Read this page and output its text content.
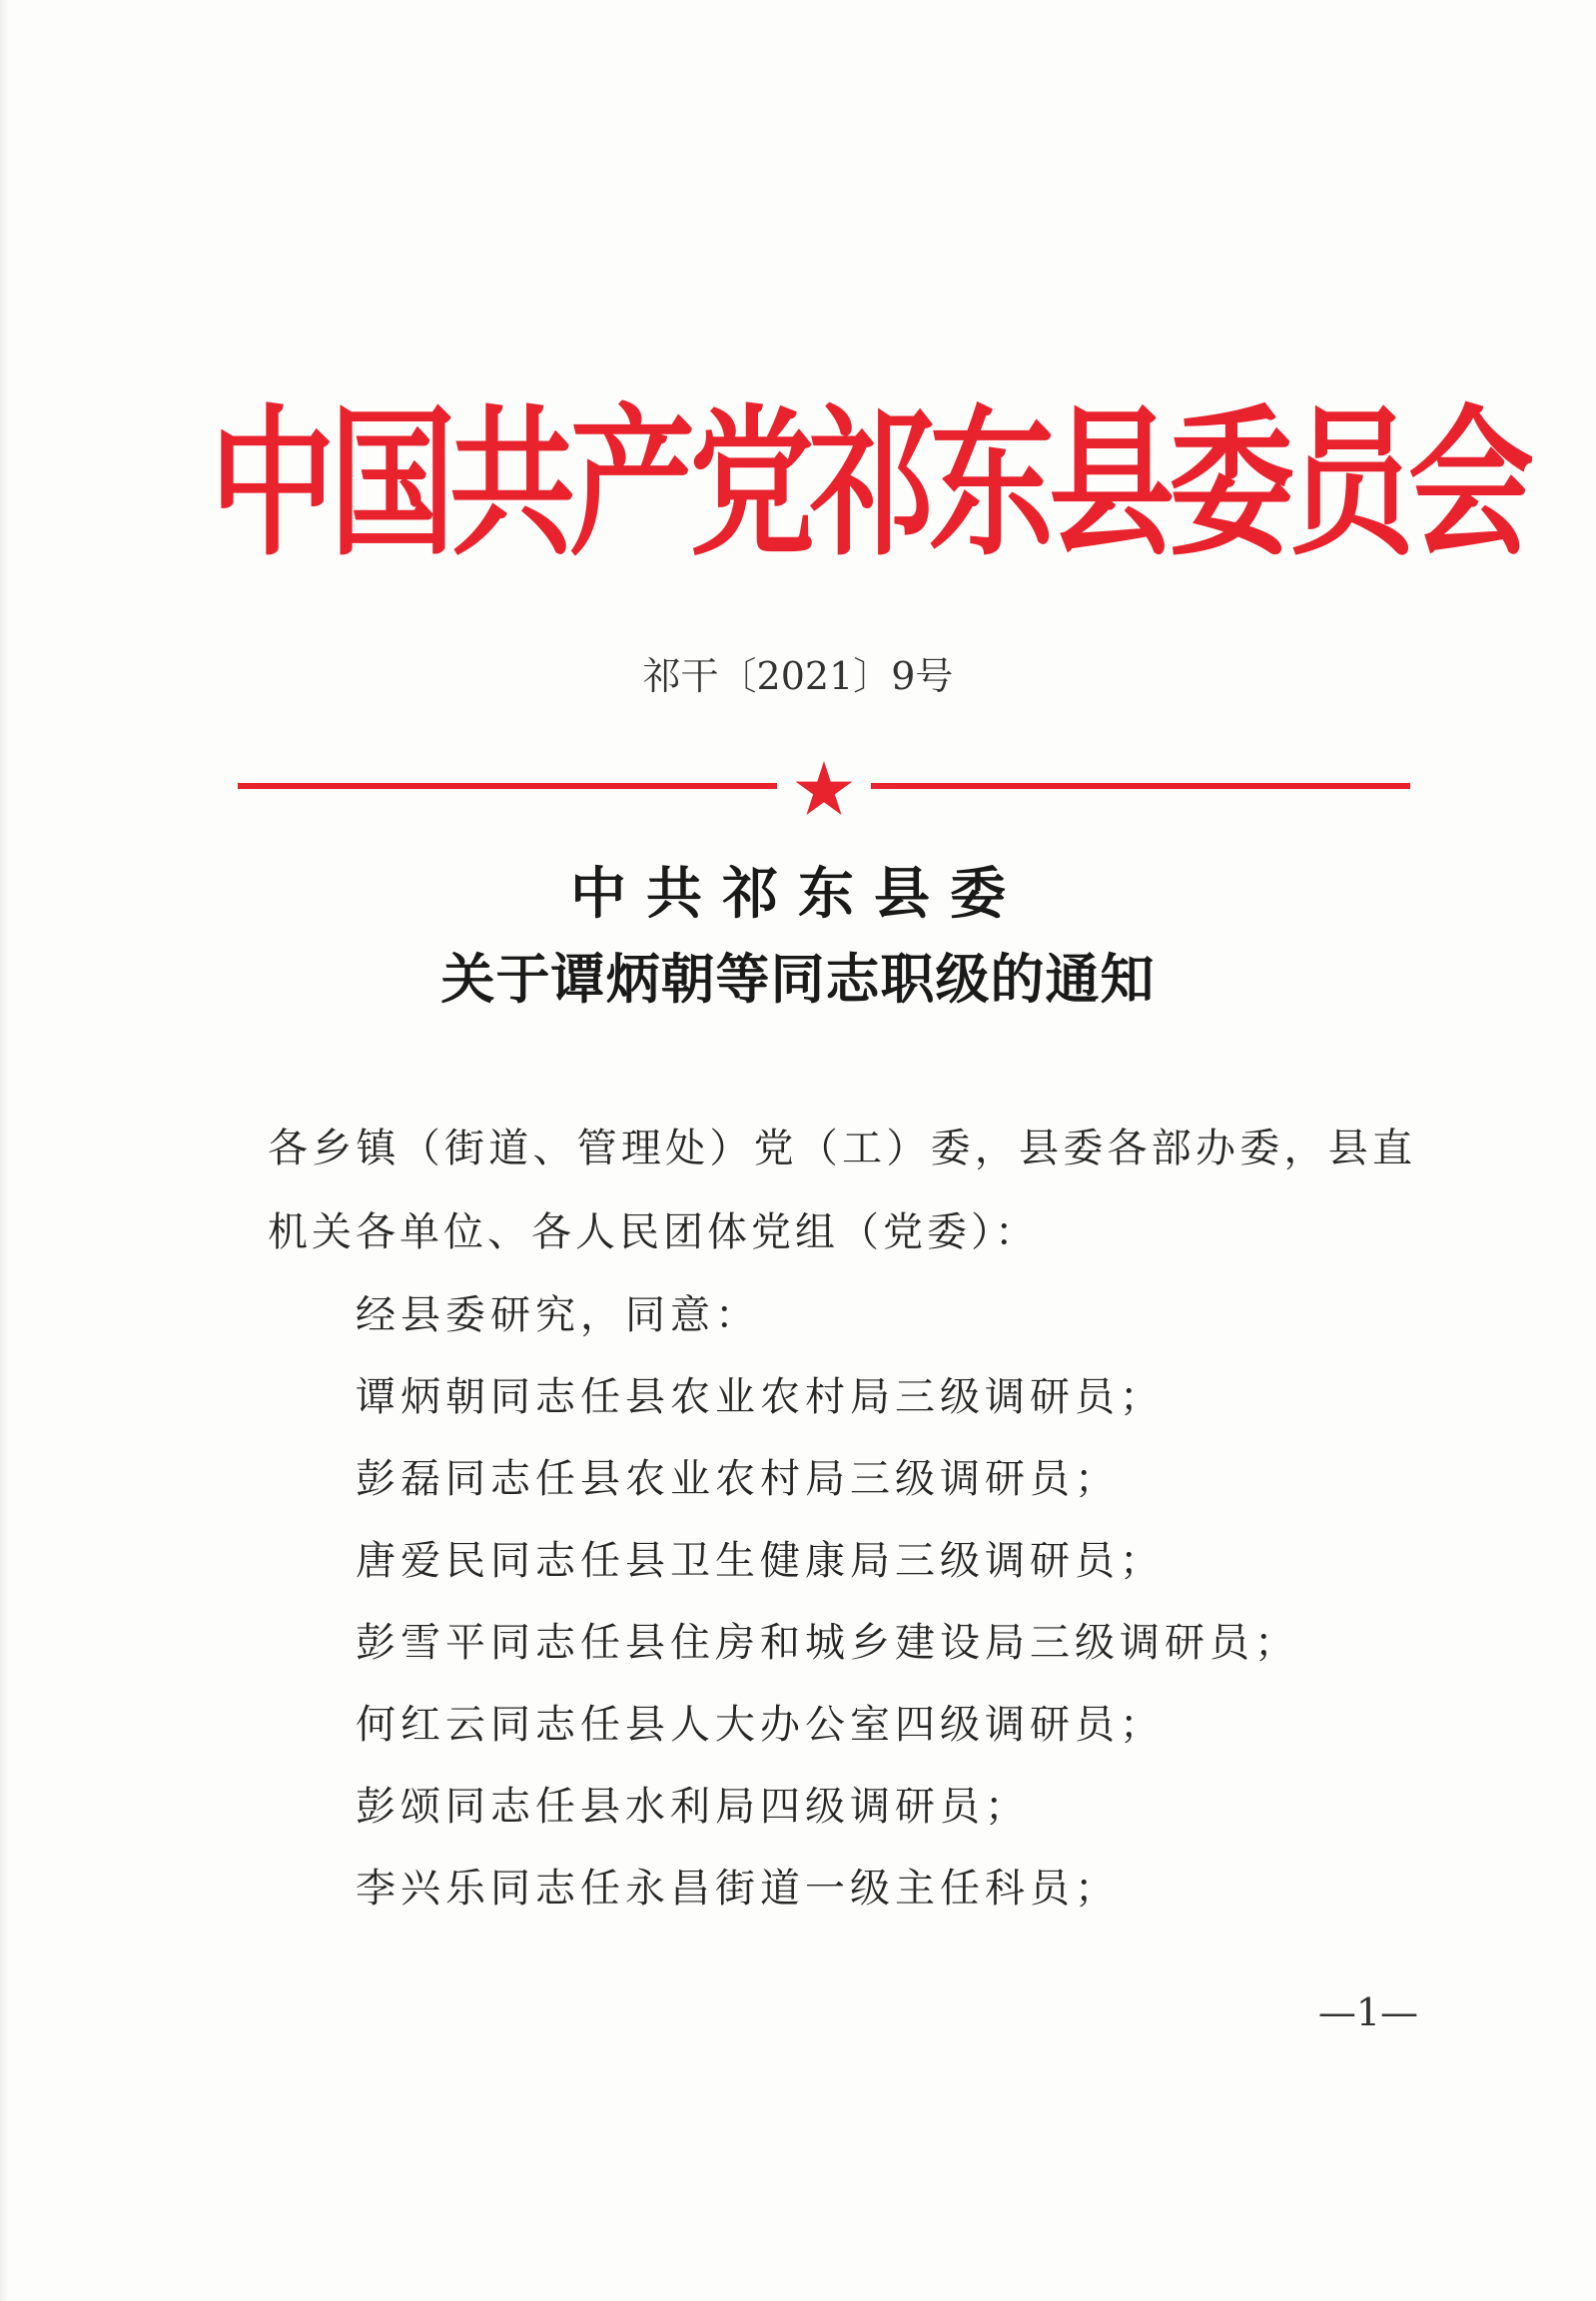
中国共产党祁东县委员会
祁干〔2021〕9号
中共祁东县委
关于谭炳朝等同志职级的通知
各乡镇（街道、管理处）党（工）委，县委各部办委，县直机关各单位、各人民团体党组（党委）：
经县委研究，同意：
谭炳朝同志任县农业农村局三级调研员；
彭磊同志任县农业农村局三级调研员；
唐爱民同志任县卫生健康局三级调研员；
彭雪平同志任县住房和城乡建设局三级调研员；
何红云同志任县人大办公室四级调研员；
彭颂同志任县水利局四级调研员；
李兴乐同志任永昌街道一级主任科员；
—1—
